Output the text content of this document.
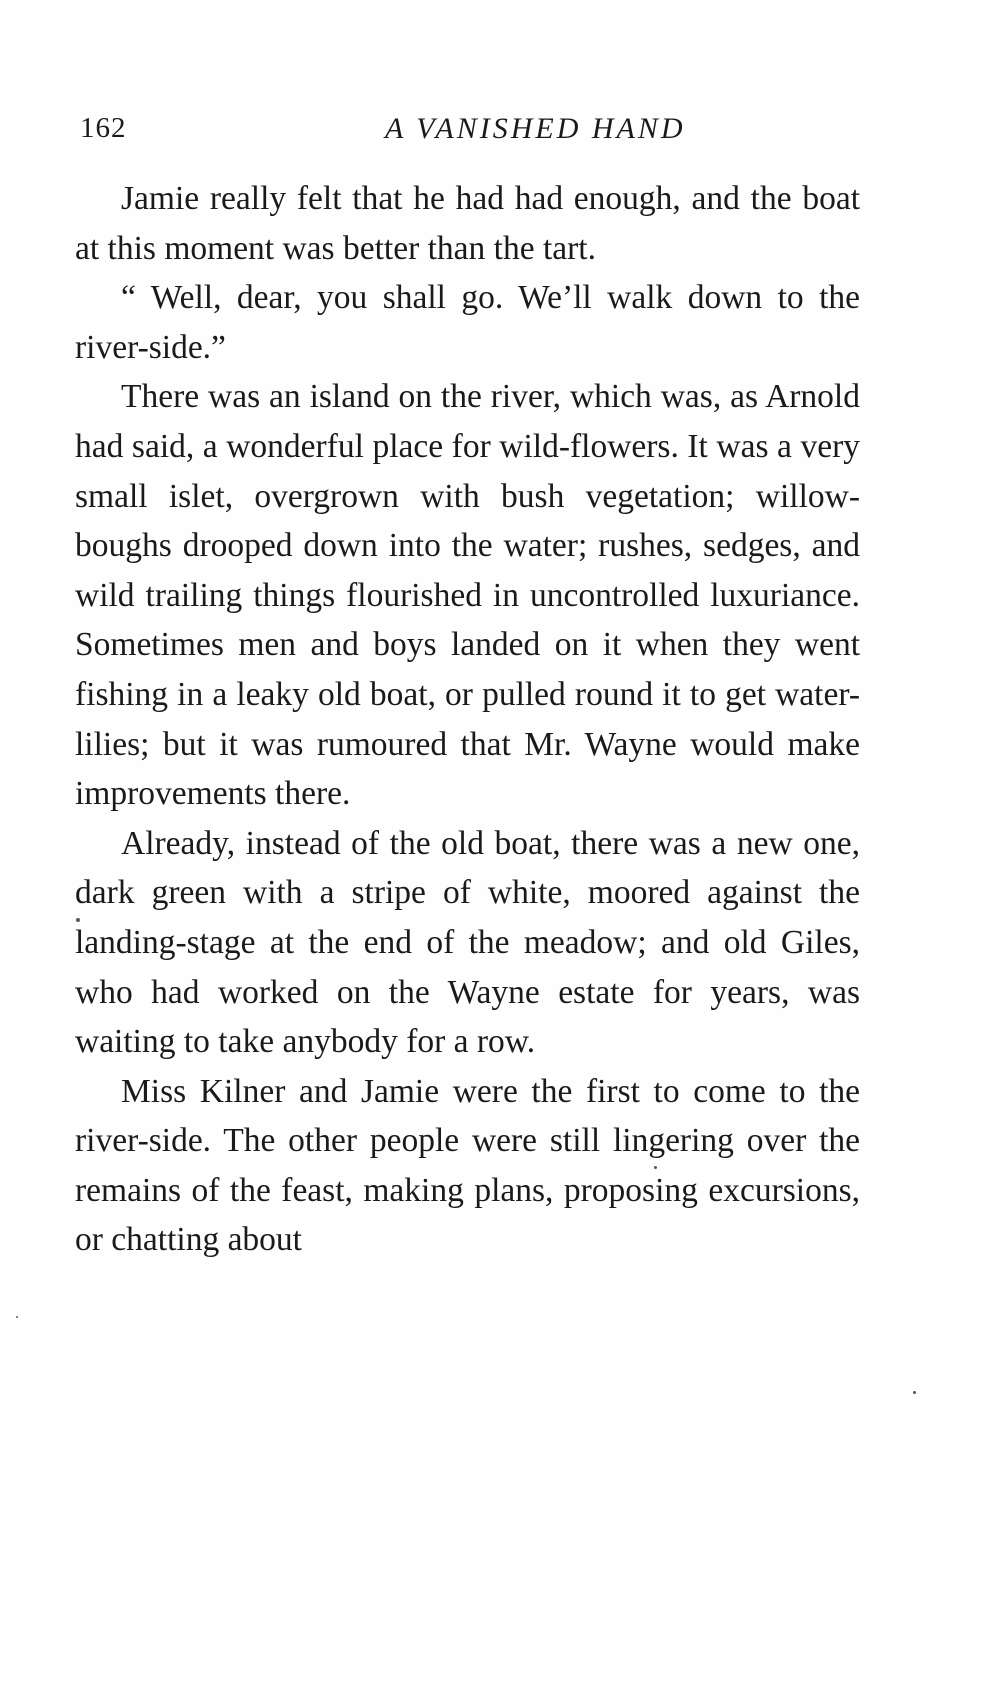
162	A VANISHED HAND

Jamie really felt that he had had enough, and the boat at this moment was better than the tart.

“ Well, dear, you shall go. We’ll walk down to the river-side.”

There was an island on the river, which was, as Arnold had said, a wonderful place for wild-flowers. It was a very small islet, overgrown with bush vegetation; willow-boughs drooped down into the water; rushes, sedges, and wild trailing things flourished in uncontrolled luxuriance. Sometimes men and boys landed on it when they went fishing in a leaky old boat, or pulled round it to get water-lilies; but it was rumoured that Mr. Wayne would make improvements there.

Already, instead of the old boat, there was a new one, dark green with a stripe of white, moored against the landing-stage at the end of the meadow; and old Giles, who had worked on the Wayne estate for years, was waiting to take anybody for a row.

Miss Kilner and Jamie were the first to come to the river-side. The other people were still lingering over the remains of the feast, making plans, proposing excursions, or chatting about
